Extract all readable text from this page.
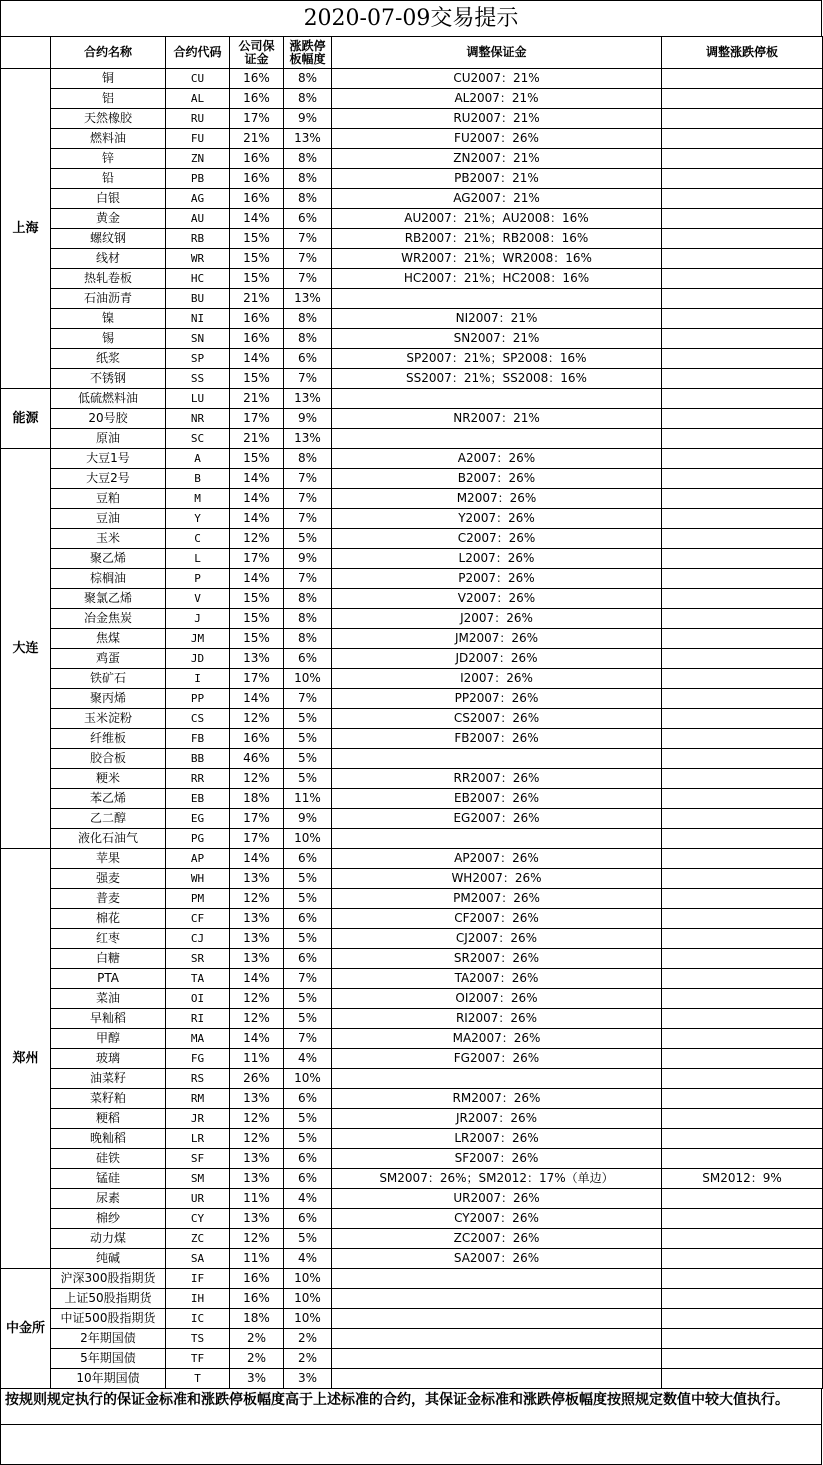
2020-07-09交易提示
	合约名称	合约代码	公司保证金	涨跌停板幅度	调整保证金	调整涨跌停板
上海	铜	CU	16%	8%	CU2007：21%	
	铝	AL	16%	8%	AL2007：21%	
	天然橡胶	RU	17%	9%	RU2007：21%	
	燃料油	FU	21%	13%	FU2007：26%	
	锌	ZN	16%	8%	ZN2007：21%	
	铅	PB	16%	8%	PB2007：21%	
	白银	AG	16%	8%	AG2007：21%	
	黄金	AU	14%	6%	AU2007：21%；AU2008：16%	
	螺纹钢	RB	15%	7%	RB2007：21%；RB2008：16%	
	线材	WR	15%	7%	WR2007：21%；WR2008：16%	
	热轧卷板	HC	15%	7%	HC2007：21%；HC2008：16%	
	石油沥青	BU	21%	13%		
	镍	NI	16%	8%	NI2007：21%	
	锡	SN	16%	8%	SN2007：21%	
	纸浆	SP	14%	6%	SP2007：21%；SP2008：16%	
	不锈钢	SS	15%	7%	SS2007：21%；SS2008：16%	
能源	低硫燃料油	LU	21%	13%		
	20号胶	NR	17%	9%	NR2007：21%	
	原油	SC	21%	13%		
大连	大豆1号	A	15%	8%	A2007：26%	
	大豆2号	B	14%	7%	B2007：26%	
	豆粕	M	14%	7%	M2007：26%	
	豆油	Y	14%	7%	Y2007：26%	
	玉米	C	12%	5%	C2007：26%	
	聚乙烯	L	17%	9%	L2007：26%	
	棕榈油	P	14%	7%	P2007：26%	
	聚氯乙烯	V	15%	8%	V2007：26%	
	冶金焦炭	J	15%	8%	J2007：26%	
	焦煤	JM	15%	8%	JM2007：26%	
	鸡蛋	JD	13%	6%	JD2007：26%	
	铁矿石	I	17%	10%	I2007：26%	
	聚丙烯	PP	14%	7%	PP2007：26%	
	玉米淀粉	CS	12%	5%	CS2007：26%	
	纤维板	FB	16%	5%	FB2007：26%	
	胶合板	BB	46%	5%		
	粳米	RR	12%	5%	RR2007：26%	
	苯乙烯	EB	18%	11%	EB2007：26%	
	乙二醇	EG	17%	9%	EG2007：26%	
	液化石油气	PG	17%	10%		
郑州	苹果	AP	14%	6%	AP2007：26%	
	强麦	WH	13%	5%	WH2007：26%	
	普麦	PM	12%	5%	PM2007：26%	
	棉花	CF	13%	6%	CF2007：26%	
	红枣	CJ	13%	5%	CJ2007：26%	
	白糖	SR	13%	6%	SR2007：26%	
	PTA	TA	14%	7%	TA2007：26%	
	菜油	OI	12%	5%	OI2007：26%	
	早籼稻	RI	12%	5%	RI2007：26%	
	甲醇	MA	14%	7%	MA2007：26%	
	玻璃	FG	11%	4%	FG2007：26%	
	油菜籽	RS	26%	10%		
	菜籽粕	RM	13%	6%	RM2007：26%	
	粳稻	JR	12%	5%	JR2007：26%	
	晚籼稻	LR	12%	5%	LR2007：26%	
	硅铁	SF	13%	6%	SF2007：26%	
	锰硅	SM	13%	6%	SM2007：26%；SM2012：17%（单边）	SM2012：9%
	尿素	UR	11%	4%	UR2007：26%	
	棉纱	CY	13%	6%	CY2007：26%	
	动力煤	ZC	12%	5%	ZC2007：26%	
	纯碱	SA	11%	4%	SA2007：26%	
中金所	沪深300股指期货	IF	16%	10%		
	上证50股指期货	IH	16%	10%		
	中证500股指期货	IC	18%	10%		
	2年期国债	TS	2%	2%		
	5年期国债	TF	2%	2%		
	10年期国债	T	3%	3%		
按规则规定执行的保证金标准和涨跌停板幅度高于上述标准的合约，其保证金标准和涨跌停板幅度按照规定数值中较大值执行。
